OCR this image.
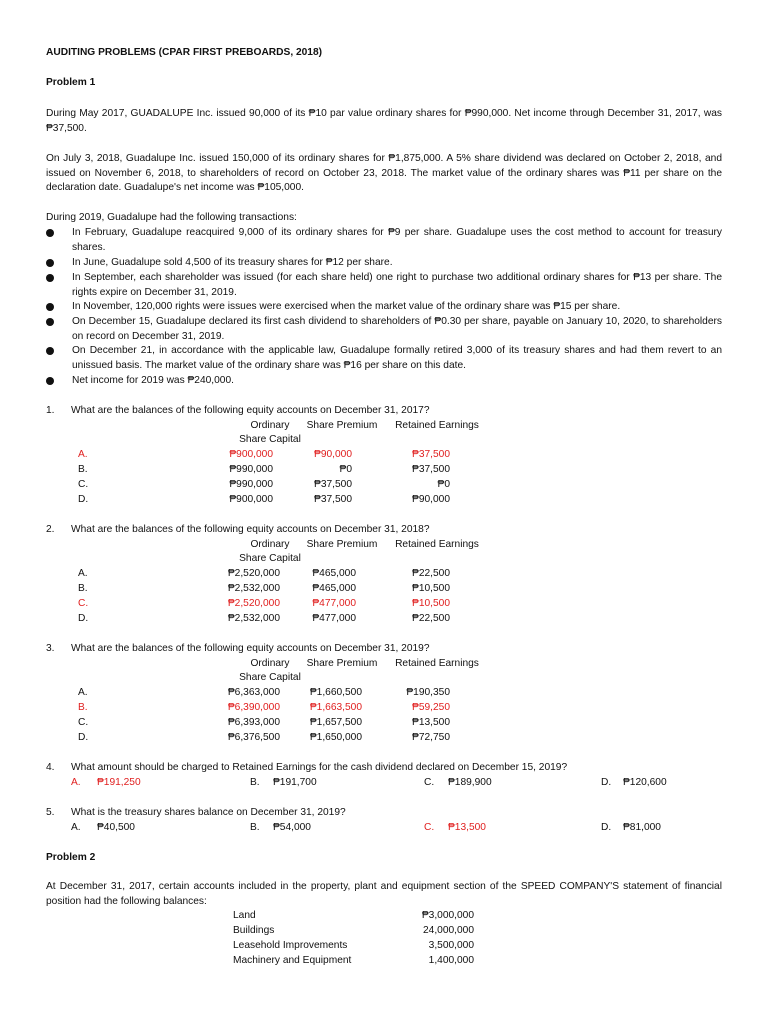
AUDITING PROBLEMS (CPAR FIRST PREBOARDS, 2018)
Problem 1
During May 2017, GUADALUPE Inc. issued 90,000 of its ₱10 par value ordinary shares for ₱990,000. Net income through December 31, 2017, was ₱37,500.
On July 3, 2018, Guadalupe Inc. issued 150,000 of its ordinary shares for ₱1,875,000. A 5% share dividend was declared on October 2, 2018, and issued on November 6, 2018, to shareholders of record on October 23, 2018. The market value of the ordinary shares was ₱11 per share on the declaration date. Guadalupe's net income was ₱105,000.
During 2019, Guadalupe had the following transactions:
In February, Guadalupe reacquired 9,000 of its ordinary shares for ₱9 per share. Guadalupe uses the cost method to account for treasury shares.
In June, Guadalupe sold 4,500 of its treasury shares for ₱12 per share.
In September, each shareholder was issued (for each share held) one right to purchase two additional ordinary shares for ₱13 per share. The rights expire on December 31, 2019.
In November, 120,000 rights were issues were exercised when the market value of the ordinary share was ₱15 per share.
On December 15, Guadalupe declared its first cash dividend to shareholders of ₱0.30 per share, payable on January 10, 2020, to shareholders on record on December 31, 2019.
On December 21, in accordance with the applicable law, Guadalupe formally retired 3,000 of its treasury shares and had them revert to an unissued basis. The market value of the ordinary share was ₱16 per share on this date.
Net income for 2019 was ₱240,000.
1. What are the balances of the following equity accounts on December 31, 2017?
Ordinary
Share Capital
Share Premium	Retained Earnings
A.	₱900,000	₱90,000	₱37,500
B.	₱990,000	₱0	₱37,500
C.	₱990,000	₱37,500	₱0
D.	₱900,000	₱37,500	₱90,000
2. What are the balances of the following equity accounts on December 31, 2018?
Ordinary
Share Capital
Share Premium	Retained Earnings
A.	₱2,520,000	₱465,000	₱22,500
B.	₱2,532,000	₱465,000	₱10,500
C.	₱2,520,000	₱477,000	₱10,500
D.	₱2,532,000	₱477,000	₱22,500
3. What are the balances of the following equity accounts on December 31, 2019?
Ordinary
Share Capital
Share Premium	Retained Earnings
A.	₱6,363,000	₱1,660,500	₱190,350
B.	₱6,390,000	₱1,663,500	₱59,250
C.	₱6,393,000	₱1,657,500	₱13,500
D.	₱6,376,500	₱1,650,000	₱72,750
4. What amount should be charged to Retained Earnings for the cash dividend declared on December 15, 2019?
A. ₱191,250	B. ₱191,700	C. ₱189,900	D. ₱120,600
5. What is the treasury shares balance on December 31, 2019?
A. ₱40,500	B. ₱54,000	C. ₱13,500	D. ₱81,000
Problem 2
At December 31, 2017, certain accounts included in the property, plant and equipment section of the SPEED COMPANY'S statement of financial position had the following balances:
Land	₱3,000,000
Buildings	24,000,000
Leasehold Improvements	3,500,000
Machinery and Equipment	1,400,000
